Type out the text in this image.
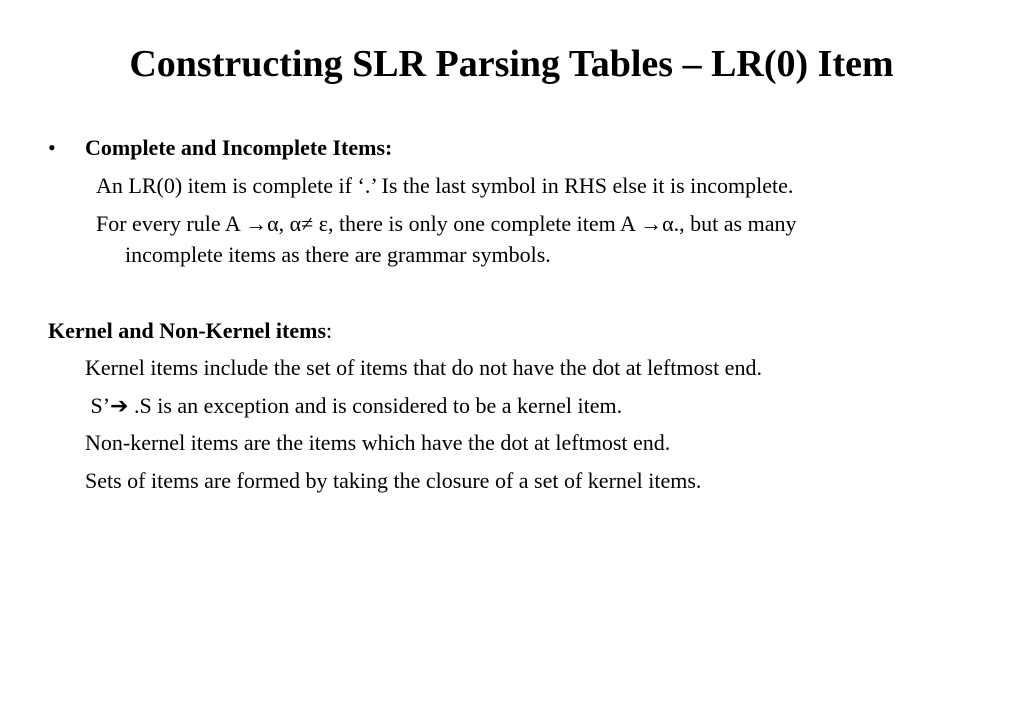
Constructing SLR Parsing Tables – LR(0) Item
• Complete and Incomplete Items:
An LR(0) item is complete if ‘.’ Is the last symbol in RHS else it is incomplete.
For every rule A →α, α≠ ε, there is only one complete item A →α., but as many
incomplete items as there are grammar symbols.
Kernel and Non-Kernel items:
Kernel items include the set of items that do not have the dot at leftmost end.
S’➔ .S is an exception and is considered to be a kernel item.
Non-kernel items are the items which have the dot at leftmost end.
Sets of items are formed by taking the closure of a set of kernel items.
